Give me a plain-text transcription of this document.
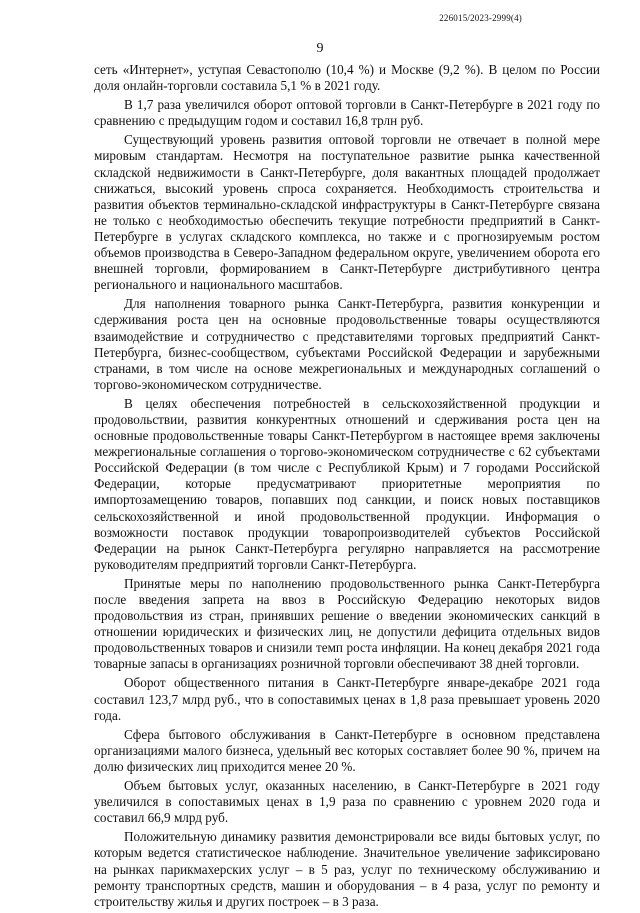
226015/2023-2999(4)
9

сеть «Интернет», уступая Севастополю (10,4 %) и Москве (9,2 %). В целом по России доля онлайн-торговли составила 5,1 % в 2021 году.

В 1,7 раза увеличился оборот оптовой торговли в Санкт-Петербурге в 2021 году по сравнению с предыдущим годом и составил 16,8 трлн руб.

Существующий уровень развития оптовой торговли не отвечает в полной мере мировым стандартам. Несмотря на поступательное развитие рынка качественной складской недвижимости в Санкт-Петербурге, доля вакантных площадей продолжает снижаться, высокий уровень спроса сохраняется. Необходимость строительства и развития объектов терминально-складской инфраструктуры в Санкт-Петербурге связана не только с необходимостью обеспечить текущие потребности предприятий в Санкт-Петербурге в услугах складского комплекса, но также и с прогнозируемым ростом объемов производства в Северо-Западном федеральном округе, увеличением оборота его внешней торговли, формированием в Санкт-Петербурге дистрибутивного центра регионального и национального масштабов.

Для наполнения товарного рынка Санкт-Петербурга, развития конкуренции и сдерживания роста цен на основные продовольственные товары осуществляются взаимодействие и сотрудничество с представителями торговых предприятий Санкт-Петербурга, бизнес-сообществом, субъектами Российской Федерации и зарубежными странами, в том числе на основе межрегиональных и международных соглашений о торгово-экономическом сотрудничестве.

В целях обеспечения потребностей в сельскохозяйственной продукции и продовольствии, развития конкурентных отношений и сдерживания роста цен на основные продовольственные товары Санкт-Петербургом в настоящее время заключены межрегиональные соглашения о торгово-экономическом сотрудничестве с 62 субъектами Российской Федерации (в том числе с Республикой Крым) и 7 городами Российской Федерации, которые предусматривают приоритетные мероприятия по импортозамещению товаров, попавших под санкции, и поиск новых поставщиков сельскохозяйственной и иной продовольственной продукции. Информация о возможности поставок продукции товаропроизводителей субъектов Российской Федерации на рынок Санкт-Петербурга регулярно направляется на рассмотрение руководителям предприятий торговли Санкт-Петербурга.

Принятые меры по наполнению продовольственного рынка Санкт-Петербурга после введения запрета на ввоз в Российскую Федерацию некоторых видов продовольствия из стран, принявших решение о введении экономических санкций в отношении юридических и физических лиц, не допустили дефицита отдельных видов продовольственных товаров и снизили темп роста инфляции. На конец декабря 2021 года товарные запасы в организациях розничной торговли обеспечивают 38 дней торговли.

Оборот общественного питания в Санкт-Петербурге январе-декабре 2021 года составил 123,7 млрд руб., что в сопоставимых ценах в 1,8 раза превышает уровень 2020 года.

Сфера бытового обслуживания в Санкт-Петербурге в основном представлена организациями малого бизнеса, удельный вес которых составляет более 90 %, причем на долю физических лиц приходится менее 20 %.

Объем бытовых услуг, оказанных населению, в Санкт-Петербурге в 2021 году увеличился в сопоставимых ценах в 1,9 раза по сравнению с уровнем 2020 года и составил 66,9 млрд руб.

Положительную динамику развития демонстрировали все виды бытовых услуг, по которым ведется статистическое наблюдение. Значительное увеличение зафиксировано на рынках парикмахерских услуг – в 5 раз, услуг по техническому обслуживанию и ремонту транспортных средств, машин и оборудования – в 4 раза, услуг по ремонту и строительству жилья и других построек – в 3 раза.
